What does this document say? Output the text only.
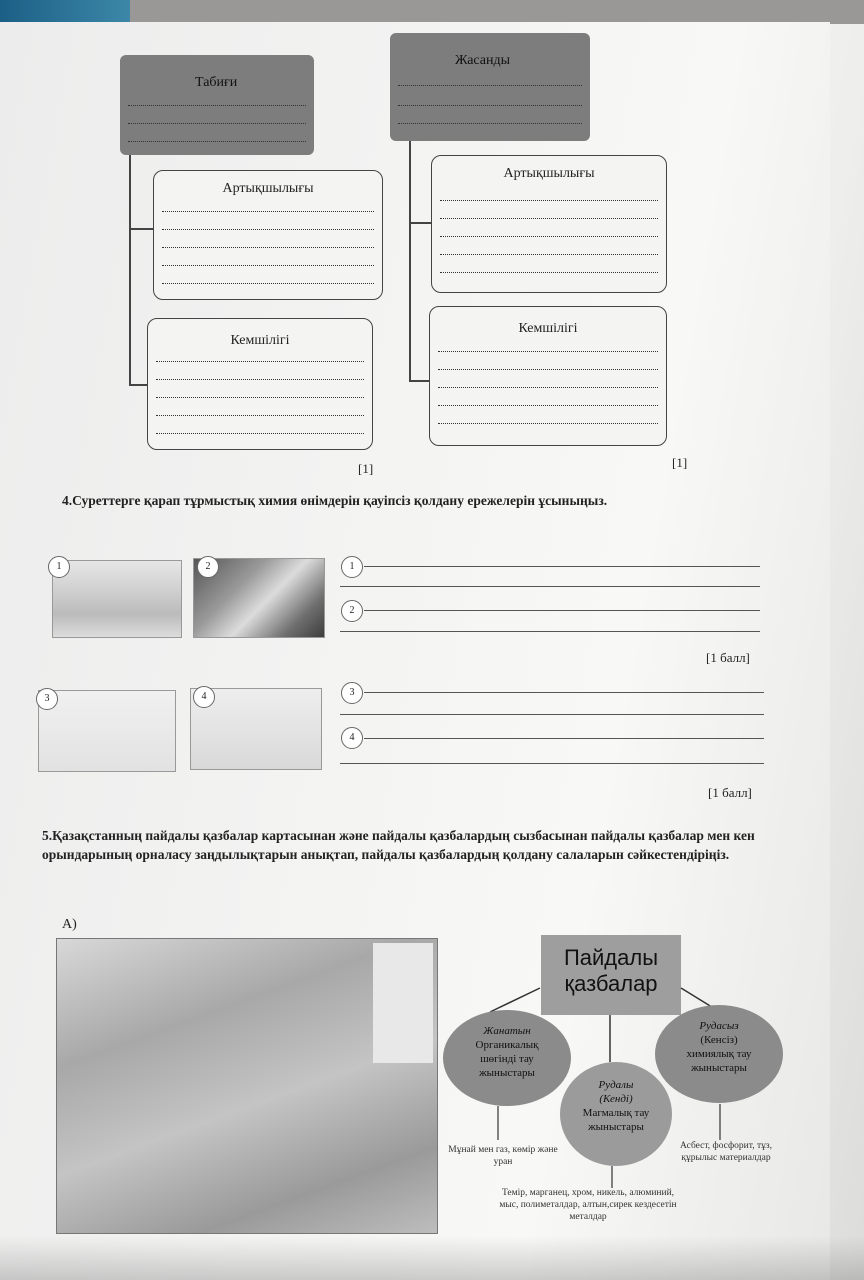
Табиғи
Жасанды
Артықшылығы
Артықшылығы
Кемшілігі
Кемшілігі
[1]	[1]
4.Суреттерге қарап тұрмыстық химия өнімдерін қауіпсіз қолдану ережелерін ұсыныңыз.
1	2
3	4
1
2
[1 балл]
3
4
[1 балл]
5.Қазақстанның пайдалы қазбалар картасынан және пайдалы қазбалардың сызбасынан пайдалы қазбалар мен кен орындарының орналасу заңдылықтарын анықтап, пайдалы қазбалардың қолдану салаларын сәйкестендіріңіз.
А)
Пайдалы
қазбалар
Жанатын
Органикалық шөгінді тау жыныстары
Рудасыз
(Кенсіз)
химиялық тау жыныстары
Рудалы
(Кенді)
Магмалық тау жыныстары
Мұнай мен газ, көмір және уран
Темір, марганец, хром, никель, алюминий, мыс, полиметалдар, алтын,сирек кездесетін металдар
Асбест, фосфорит, тұз, құрылыс материалдар
